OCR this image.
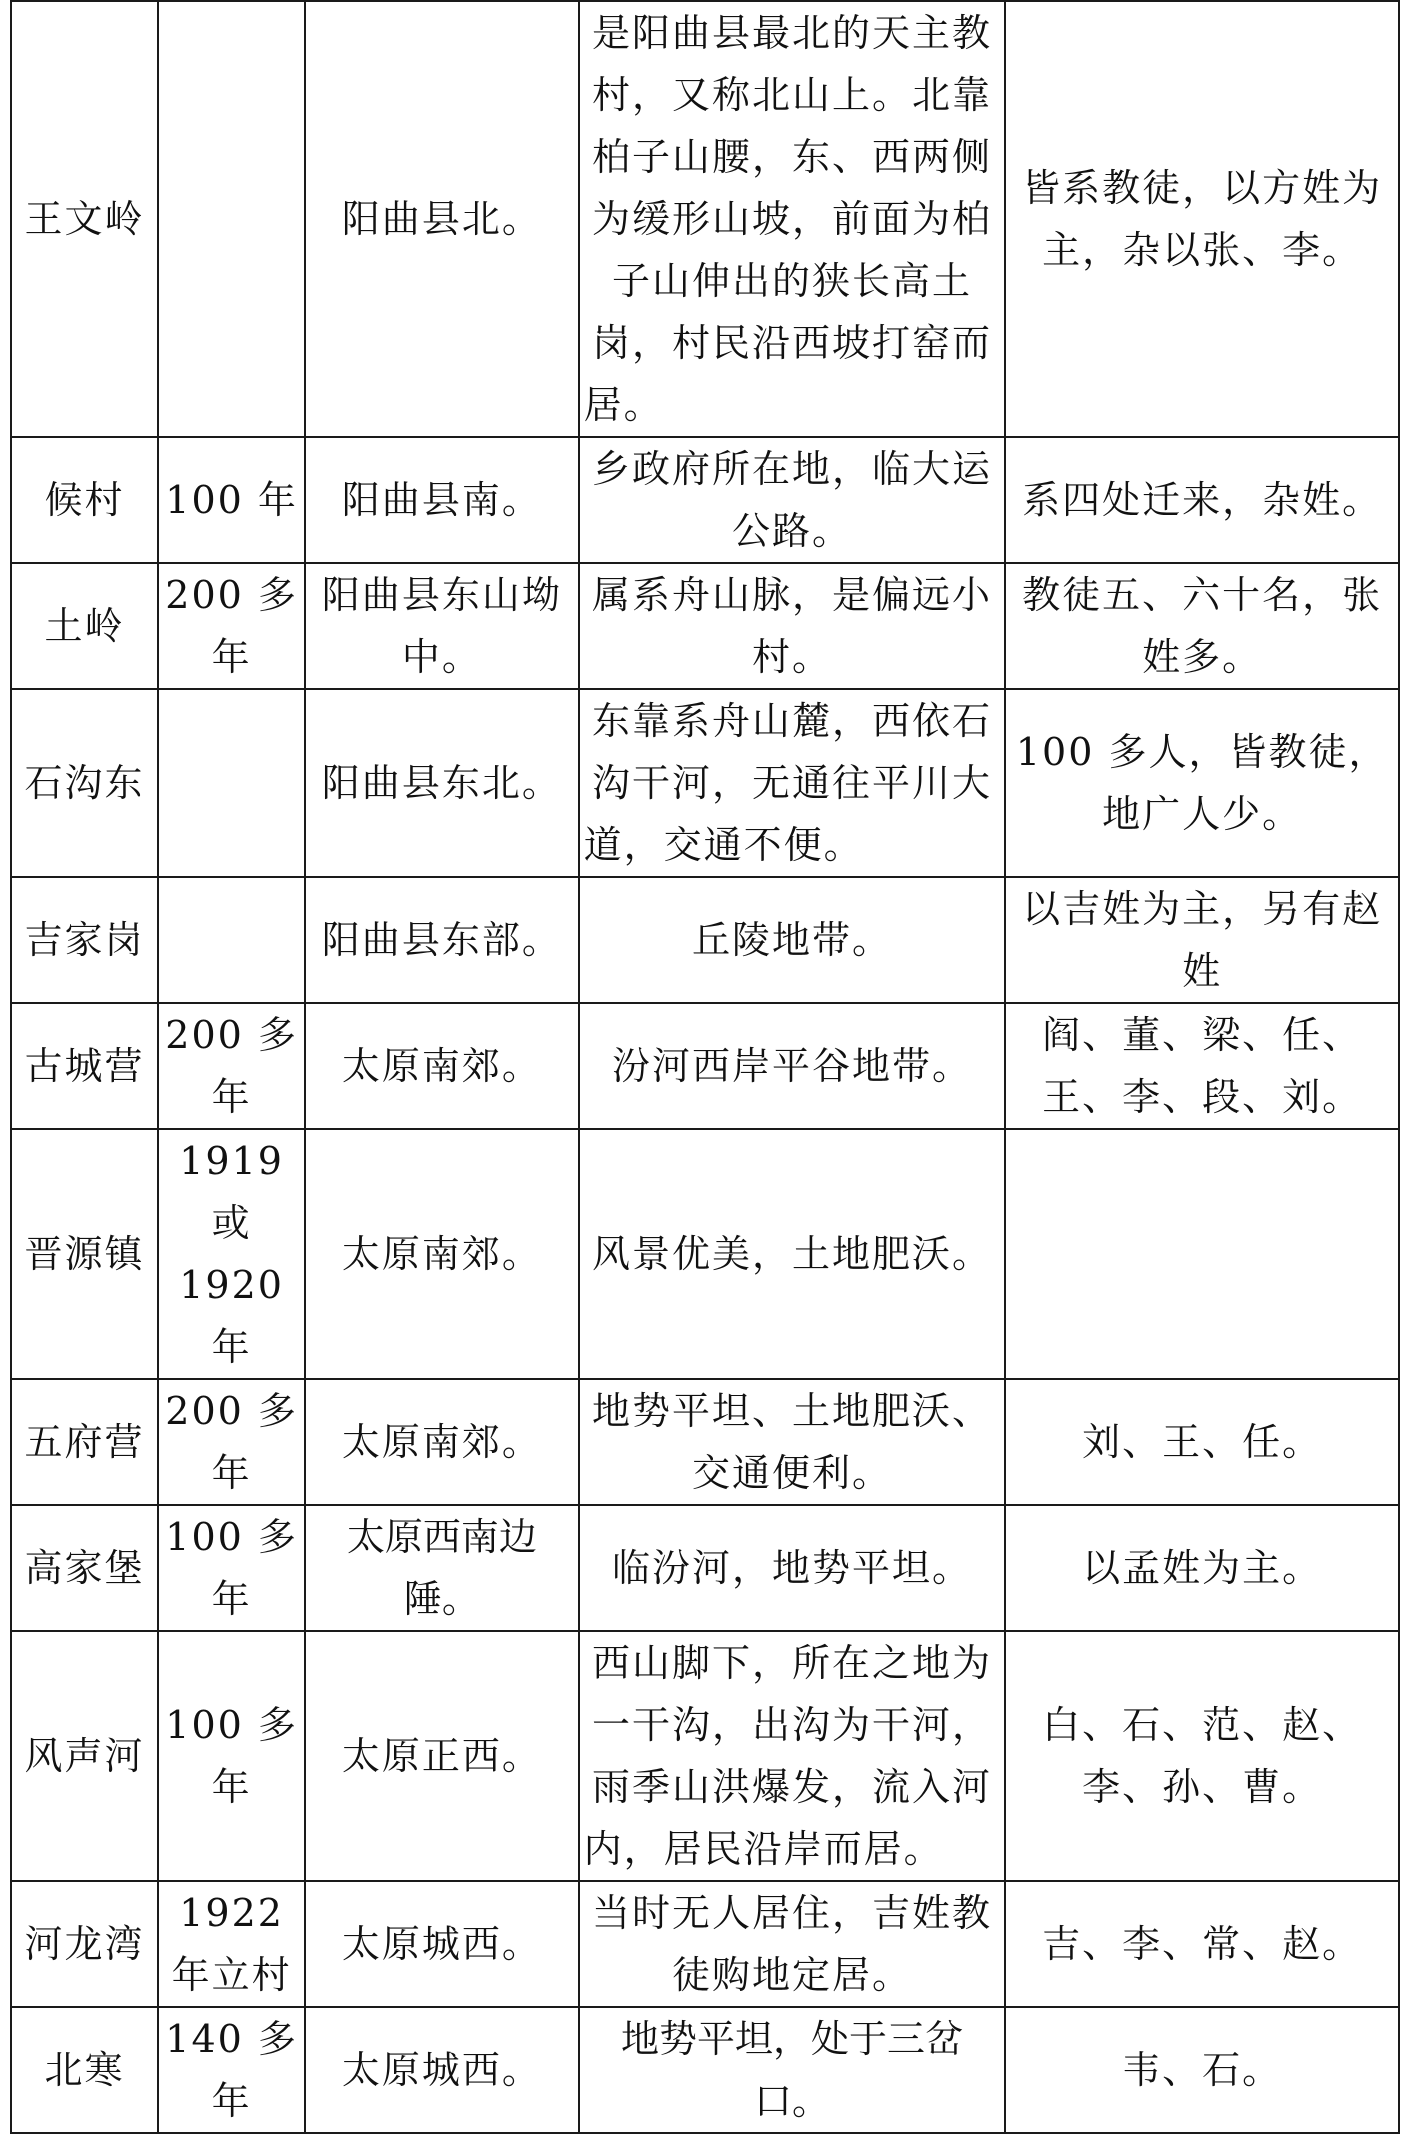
王文岭		阳曲县北。	是阳曲县最北的天主教村，又称北山上。北靠柏子山腰，东、西两侧为缓形山坡，前面为柏子山伸出的狭长高土岗，村民沿西坡打窑而居。	皆系教徒，以方姓为主，杂以张、李。
候村	100 年	阳曲县南。	乡政府所在地，临大运公路。	系四处迁来，杂姓。
土岭	200 多年	阳曲县东山坳中。	属系舟山脉，是偏远小村。	教徒五、六十名，张姓多。
石沟东		阳曲县东北。	东靠系舟山麓，西依石沟干河，无通往平川大道，交通不便。	100 多人，皆教徒，地广人少。
吉家岗		阳曲县东部。	丘陵地带。	以吉姓为主，另有赵姓
古城营	200 多年	太原南郊。	汾河西岸平谷地带。	阎、董、梁、任、王、李、段、刘。
晋源镇	1919 或 1920 年	太原南郊。	风景优美，土地肥沃。	
五府营	200 多年	太原南郊。	地势平坦、土地肥沃、交通便利。	刘、王、任。
高家堡	100 多年	太原西南边陲。	临汾河，地势平坦。	以孟姓为主。
风声河	100 多年	太原正西。	西山脚下，所在之地为一干沟，出沟为干河，雨季山洪爆发，流入河内，居民沿岸而居。	白、石、范、赵、李、孙、曹。
河龙湾	1922 年立村	太原城西。	当时无人居住，吉姓教徒购地定居。	吉、李、常、赵。
北寒	140 多年	太原城西。	地势平坦，处于三岔口。	韦、石。
